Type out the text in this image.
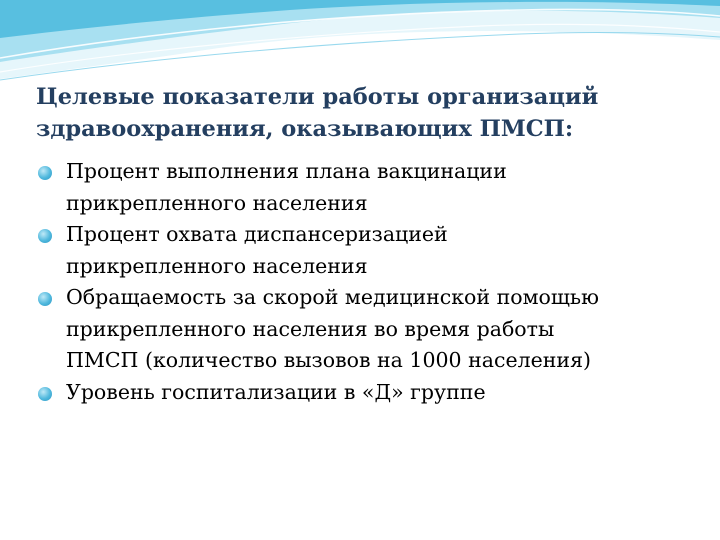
Целевые показатели работы организаций
здравоохранения, оказывающих ПМСП:
Процент выполнения плана вакцинации
прикрепленного населения
Процент охвата диспансеризацией
прикрепленного населения
Обращаемость за скорой медицинской помощью
прикрепленного населения во время работы
ПМСП (количество вызовов на 1000 населения)
Уровень госпитализации в «Д» группе
